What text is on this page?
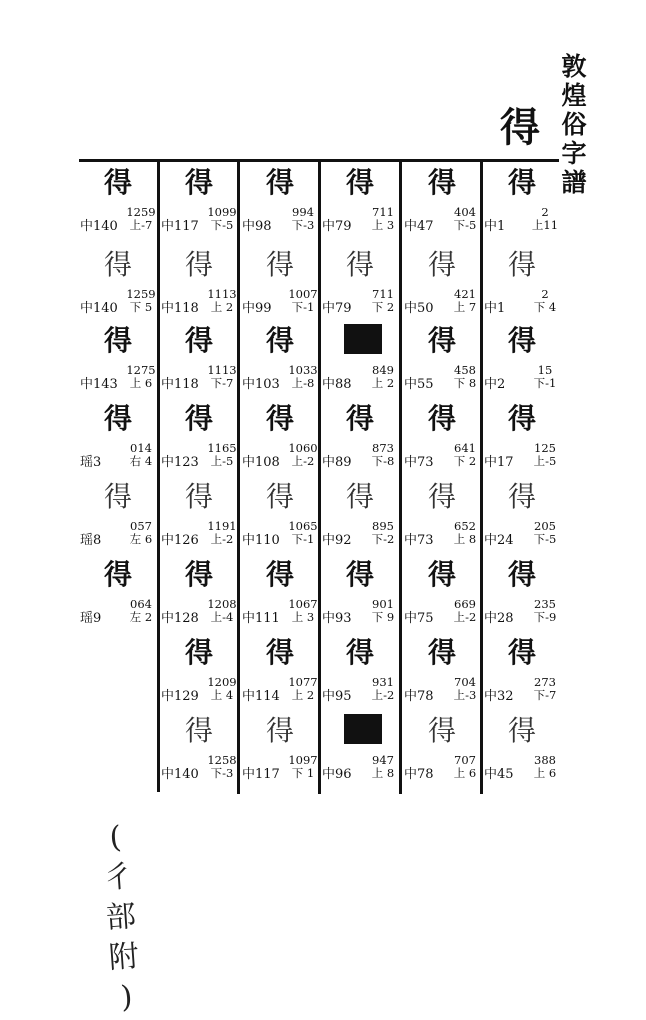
敦
煌
俗
字
譜
得
得
中140
1259
上-7
得
中140
1259
下 5
得
中143
1275
上 6
得
瑶3
014
右 4
得
瑶8
057
左 6
得
瑶9
064
左 2
得
中117
1099
下-5
得
中118
1113
上 2
得
中118
1113
下-7
得
中123
1165
上-5
得
中126
1191
上-2
得
中128
1208
上-4
得
中129
1209
上 4
得
中140
1258
下-3
得
中98
994
下-3
得
中99
1007
下-1
得
中103
1033
上-8
得
中108
1060
上-2
得
中110
1065
下-1
得
中111
1067
上 3
得
中114
1077
上 2
得
中117
1097
下 1
得
中79
711
上 3
得
中79
711
下 2
中88
849
上 2
得
中89
873
下-8
得
中92
895
下-2
得
中93
901
下 9
得
中95
931
上-2
中96
947
上 8
得
中47
404
下-5
得
中50
421
上 7
得
中55
458
下 8
得
中73
641
下 2
得
中73
652
上 8
得
中75
669
上-2
得
中78
704
上-3
得
中78
707
上 6
得
中1
2
上11
得
中1
2
下 4
得
中2
15
下-1
得
中17
125
上-5
得
中24
205
下-5
得
中28
235
下-9
得
中32
273
下-7
得
中45
388
上 6
(
彳
部
附
)
